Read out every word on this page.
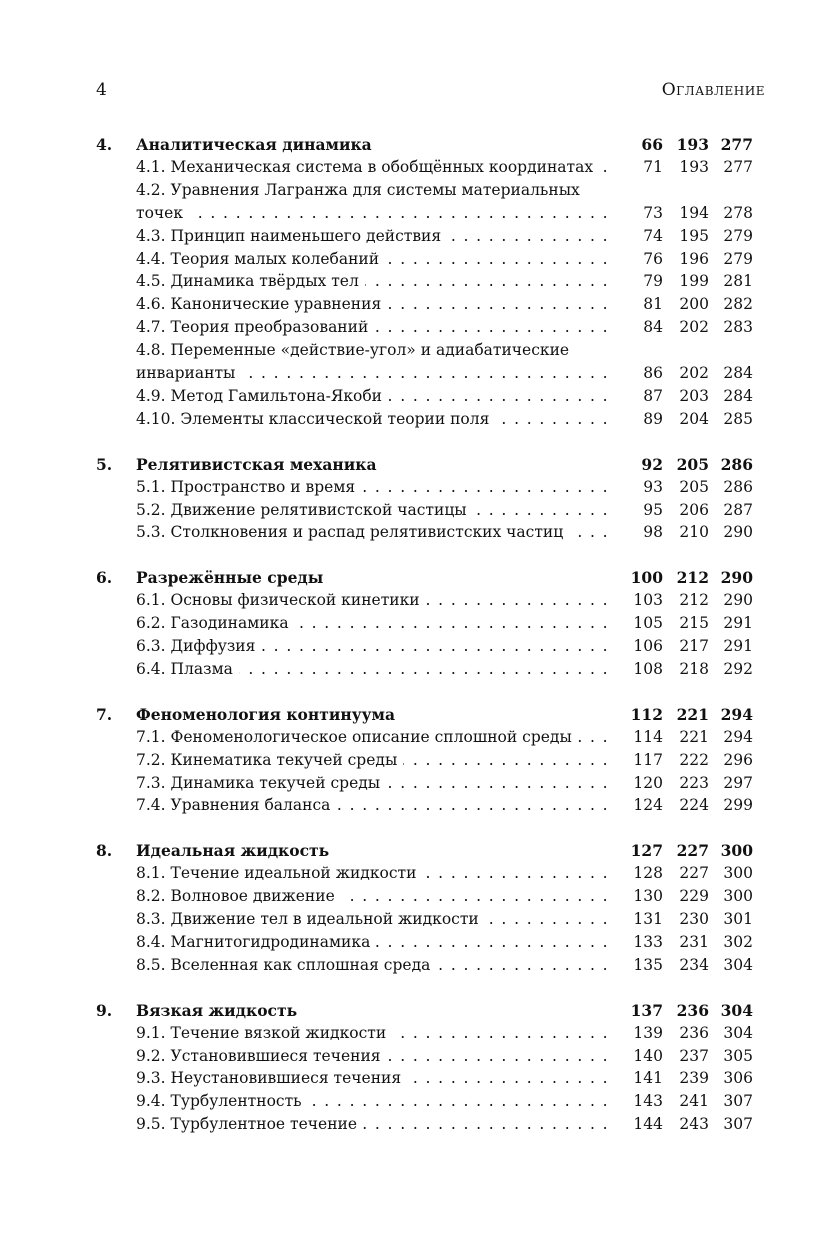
4	Оглавление
4. Аналитическая динамика	66 193 277
4.1. Механическая система в обобщённых координатах . . .	71 193 277
4.2. Уравнения Лагранжа для системы материальных
точек . . .	73 194 278
4.3. Принцип наименьшего действия . . .	74 195 279
4.4. Теория малых колебаний . . .	76 196 279
4.5. Динамика твёрдых тел . . .	79 199 281
4.6. Канонические уравнения . . .	81 200 282
4.7. Теория преобразований . . .	84 202 283
4.8. Переменные «действие-угол» и адиабатические
инварианты . . .	86 202 284
4.9. Метод Гамильтона-Якоби . . .	87 203 284
4.10. Элементы классической теории поля . . .	89 204 285
5. Релятивистская механика	92 205 286
5.1. Пространство и время . . .	93 205 286
5.2. Движение релятивистской частицы . . .	95 206 287
5.3. Столкновения и распад релятивистских частиц . . .	98 210 290
6. Разрежённые среды	100 212 290
6.1. Основы физической кинетики . . .	103 212 290
6.2. Газодинамика . . .	105 215 291
6.3. Диффузия . . .	106 217 291
6.4. Плазма . . .	108 218 292
7. Феноменология континуума	112 221 294
7.1. Феноменологическое описание сплошной среды . . .	114 221 294
7.2. Кинематика текучей среды . . .	117 222 296
7.3. Динамика текучей среды . . .	120 223 297
7.4. Уравнения баланса . . .	124 224 299
8. Идеальная жидкость	127 227 300
8.1. Течение идеальной жидкости . . .	128 227 300
8.2. Волновое движение . . .	130 229 300
8.3. Движение тел в идеальной жидкости . . .	131 230 301
8.4. Магнитогидродинамика . . .	133 231 302
8.5. Вселенная как сплошная среда . . .	135 234 304
9. Вязкая жидкость	137 236 304
9.1. Течение вязкой жидкости . . .	139 236 304
9.2. Установившиеся течения . . .	140 237 305
9.3. Неустановившиеся течения . . .	141 239 306
9.4. Турбулентность . . .	143 241 307
9.5. Турбулентное течение . . .	144 243 307
